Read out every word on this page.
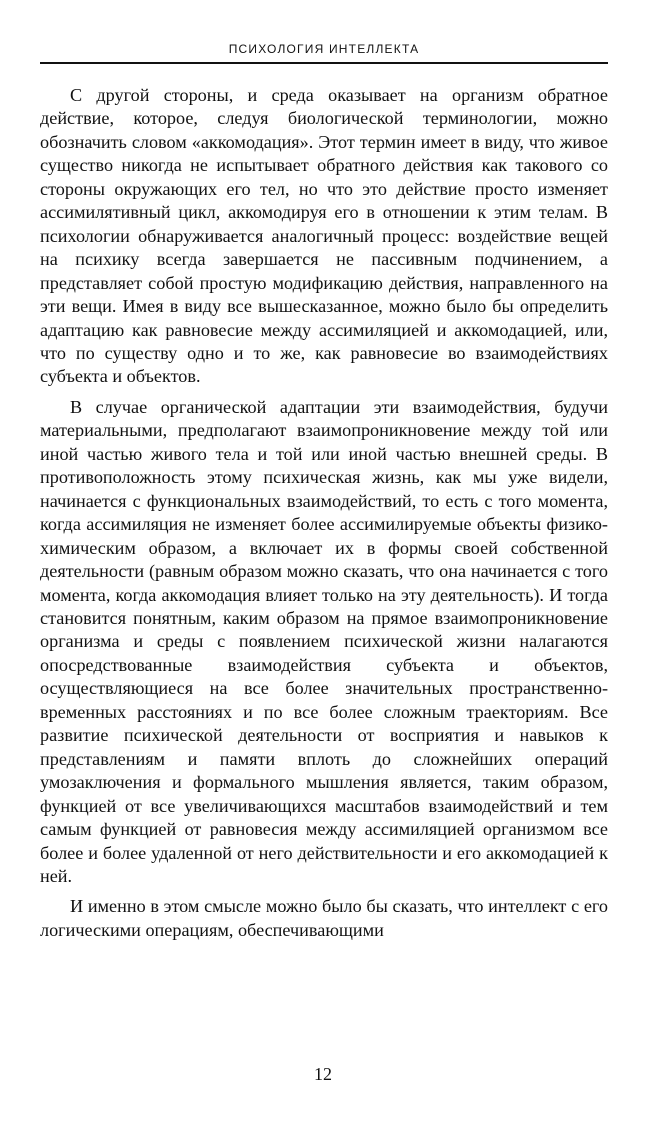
ПСИХОЛОГИЯ ИНТЕЛЛЕКТА

С другой стороны, и среда оказывает на организм обратное действие, которое, следуя биологической терминологии, можно обозначить словом «аккомодация». Этот термин имеет в виду, что живое существо никогда не испытывает обратного действия как такового со стороны окружающих его тел, но что это действие просто изменяет ассимилятивный цикл, аккомодируя его в отношении к этим телам. В психологии обнаруживается аналогичный процесс: воздействие вещей на психику всегда завершается не пассивным подчинением, а представляет собой простую модификацию действия, направленного на эти вещи. Имея в виду все вышесказанное, можно было бы определить адаптацию как равновесие между ассимиляцией и аккомодацией, или, что по существу одно и то же, как равновесие во взаимодействиях субъекта и объектов.

В случае органической адаптации эти взаимодействия, будучи материальными, предполагают взаимопроникновение между той или иной частью живого тела и той или иной частью внешней среды. В противоположность этому психическая жизнь, как мы уже видели, начинается с функциональных взаимодействий, то есть с того момента, когда ассимиляция не изменяет более ассимилируемые объекты физико-химическим образом, а включает их в формы своей собственной деятельности (равным образом можно сказать, что она начинается с того момента, когда аккомодация влияет только на эту деятельность). И тогда становится понятным, каким образом на прямое взаимопроникновение организма и среды с появлением психической жизни налагаются опосредствованные взаимодействия субъекта и объектов, осуществляющиеся на все более значительных пространственно-временных расстояниях и по все более сложным траекториям. Все развитие психической деятельности от восприятия и навыков к представлениям и памяти вплоть до сложнейших операций умозаключения и формального мышления является, таким образом, функцией от все увеличивающихся масштабов взаимодействий и тем самым функцией от равновесия между ассимиляцией организмом все более и более удаленной от него действительности и его аккомодацией к ней.

И именно в этом смысле можно было бы сказать, что интеллект с его логическими операциям, обеспечивающими

12
